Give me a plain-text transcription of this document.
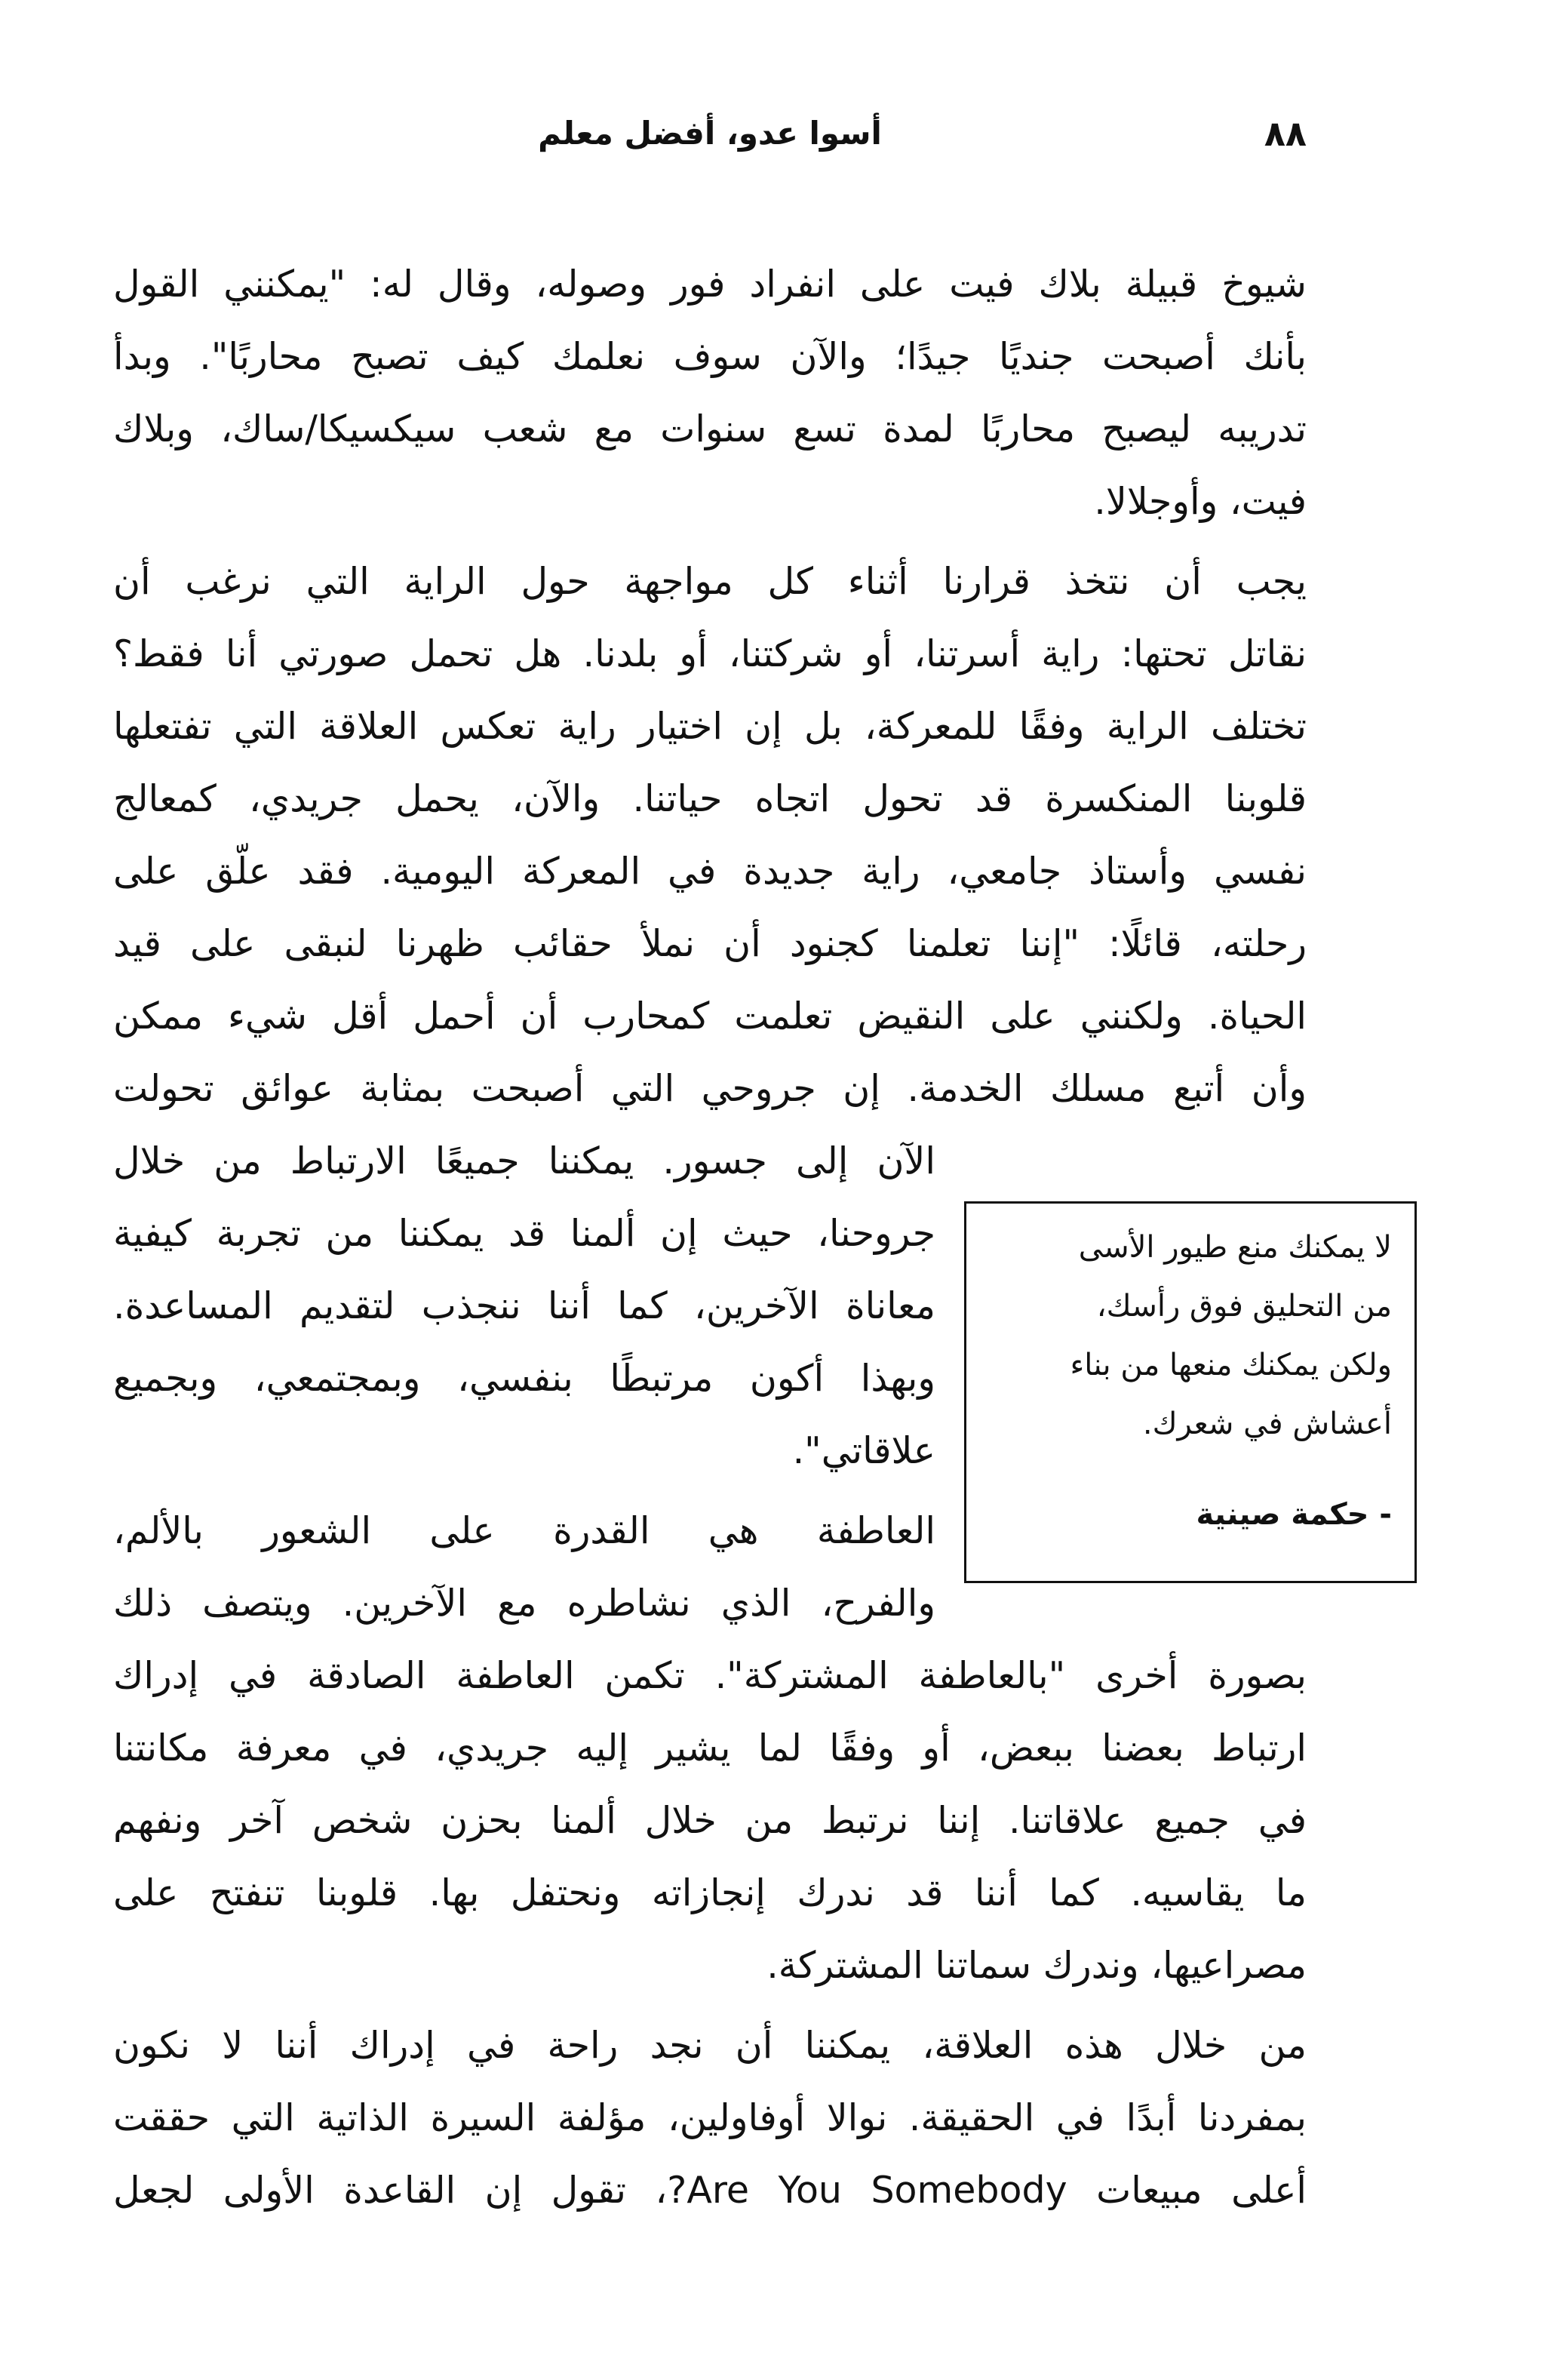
أسوا عدو، أفضل معلم	٨٨
شيوخ قبيلة بلاك فيت على انفراد فور وصوله، وقال له: "يمكنني القول
بأنك أصبحت جنديًا جيدًا؛ والآن سوف نعلمك كيف تصبح محاربًا". وبدأ
تدريبه ليصبح محاربًا لمدة تسع سنوات مع شعب سيكسيكا/ساك، وبلاك
فيت، وأوجلالا.
يجب أن نتخذ قرارنا أثناء كل مواجهة حول الراية التي نرغب أن
نقاتل تحتها: راية أسرتنا، أو شركتنا، أو بلدنا. هل تحمل صورتي أنا فقط؟
تختلف الراية وفقًا للمعركة، بل إن اختيار راية تعكس العلاقة التي تفتعلها
قلوبنا المنكسرة قد تحول اتجاه حياتنا. والآن، يحمل جريدي، كمعالج
نفسي وأستاذ جامعي، راية جديدة في المعركة اليومية. فقد علّق على
رحلته، قائلًا: "إننا تعلمنا كجنود أن نملأ حقائب ظهرنا لنبقى على قيد
الحياة. ولكنني على النقيض تعلمت كمحارب أن أحمل أقل شيء ممكن
وأن أتبع مسلك الخدمة. إن جروحي التي أصبحت بمثابة عوائق تحولت
الآن إلى جسور. يمكننا جميعًا الارتباط من خلال
جروحنا، حيث إن ألمنا قد يمكننا من تجربة كيفية
معاناة الآخرين، كما أننا ننجذب لتقديم المساعدة.
وبهذا أكون مرتبطًا بنفسي، وبمجتمعي، وبجميع
علاقاتي".
العاطفة هي القدرة على الشعور بالألم،
والفرح، الذي نشاطره مع الآخرين. ويتصف ذلك
بصورة أخرى "بالعاطفة المشتركة". تكمن العاطفة الصادقة في إدراك
ارتباط بعضنا ببعض، أو وفقًا لما يشير إليه جريدي، في معرفة مكانتنا
في جميع علاقاتنا. إننا نرتبط من خلال ألمنا بحزن شخص آخر ونفهم
ما يقاسيه. كما أننا قد ندرك إنجازاته ونحتفل بها. قلوبنا تنفتح على
مصراعيها، وندرك سماتنا المشتركة.
من خلال هذه العلاقة، يمكننا أن نجد راحة في إدراك أننا لا نكون
بمفردنا أبدًا في الحقيقة. نوالا أوفاولين، مؤلفة السيرة الذاتية التي حققت
أعلى مبيعات Are You Somebody?، تقول إن القاعدة الأولى لجعل
لا يمكنك منع طيور الأسى
من التحليق فوق رأسك،
ولكن يمكنك منعها من بناء
أعشاش في شعرك.
- حكمة صينية
